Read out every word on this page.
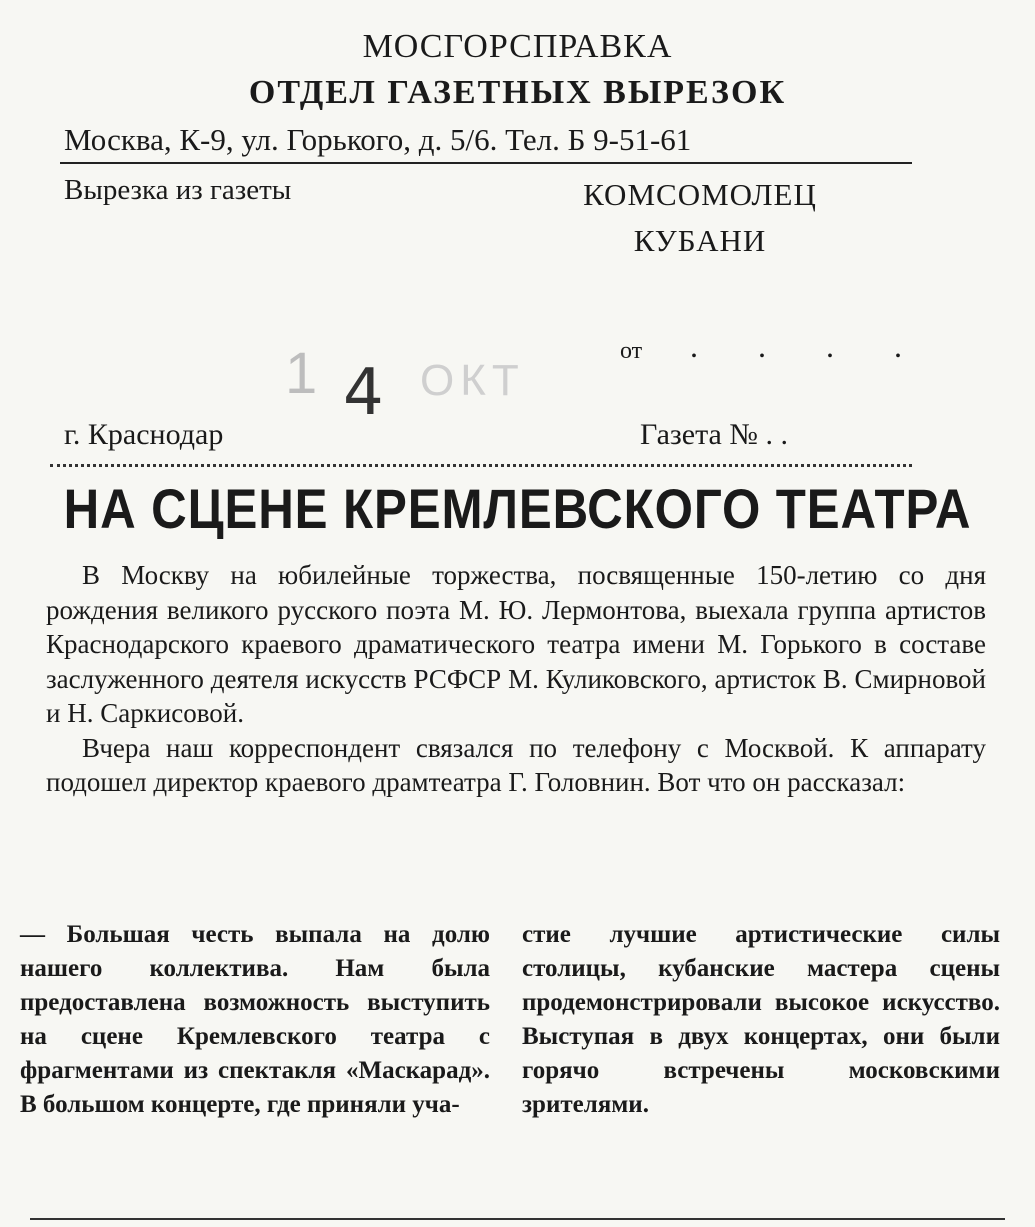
МОСГОРСПРАВКА
ОТДЕЛ ГАЗЕТНЫХ ВЫРЕЗОК
Москва, К-9, ул. Горького, д. 5/6. Тел. Б 9-51-61
Вырезка из газеты	КОМСОМОЛЕЦ
КУБАНИ
от . . . .
1 4 ОКТ
г. Краснодар	Газета № . .
НА СЦЕНЕ КРЕМЛЕВСКОГО ТЕАТРА

В Москву на юбилейные торжества, посвященные 150-летию со дня рождения великого русского поэта М. Ю. Лермонтова, выехала группа артистов Краснодарского краевого драматического театра имени М. Горького в составе заслуженного деятеля искусств РСФСР М. Куликовского, артисток В. Смирновой и Н. Саркисовой.

Вчера наш корреспондент связался по телефону с Москвой. К аппарату подошел директор краевого драмтеатра Г. Головнин. Вот что он рассказал:

— Большая честь выпала на долю нашего коллектива. Нам была предоставлена возможность выступить на сцене Кремлевского театра с фрагментами из спектакля «Маскарад». В большом концерте, где приняли уча-
стие лучшие артистические силы столицы, кубанские мастера сцены продемонстрировали высокое искусство. Выступая в двух концертах, они были горячо встречены московскими зрителями.
